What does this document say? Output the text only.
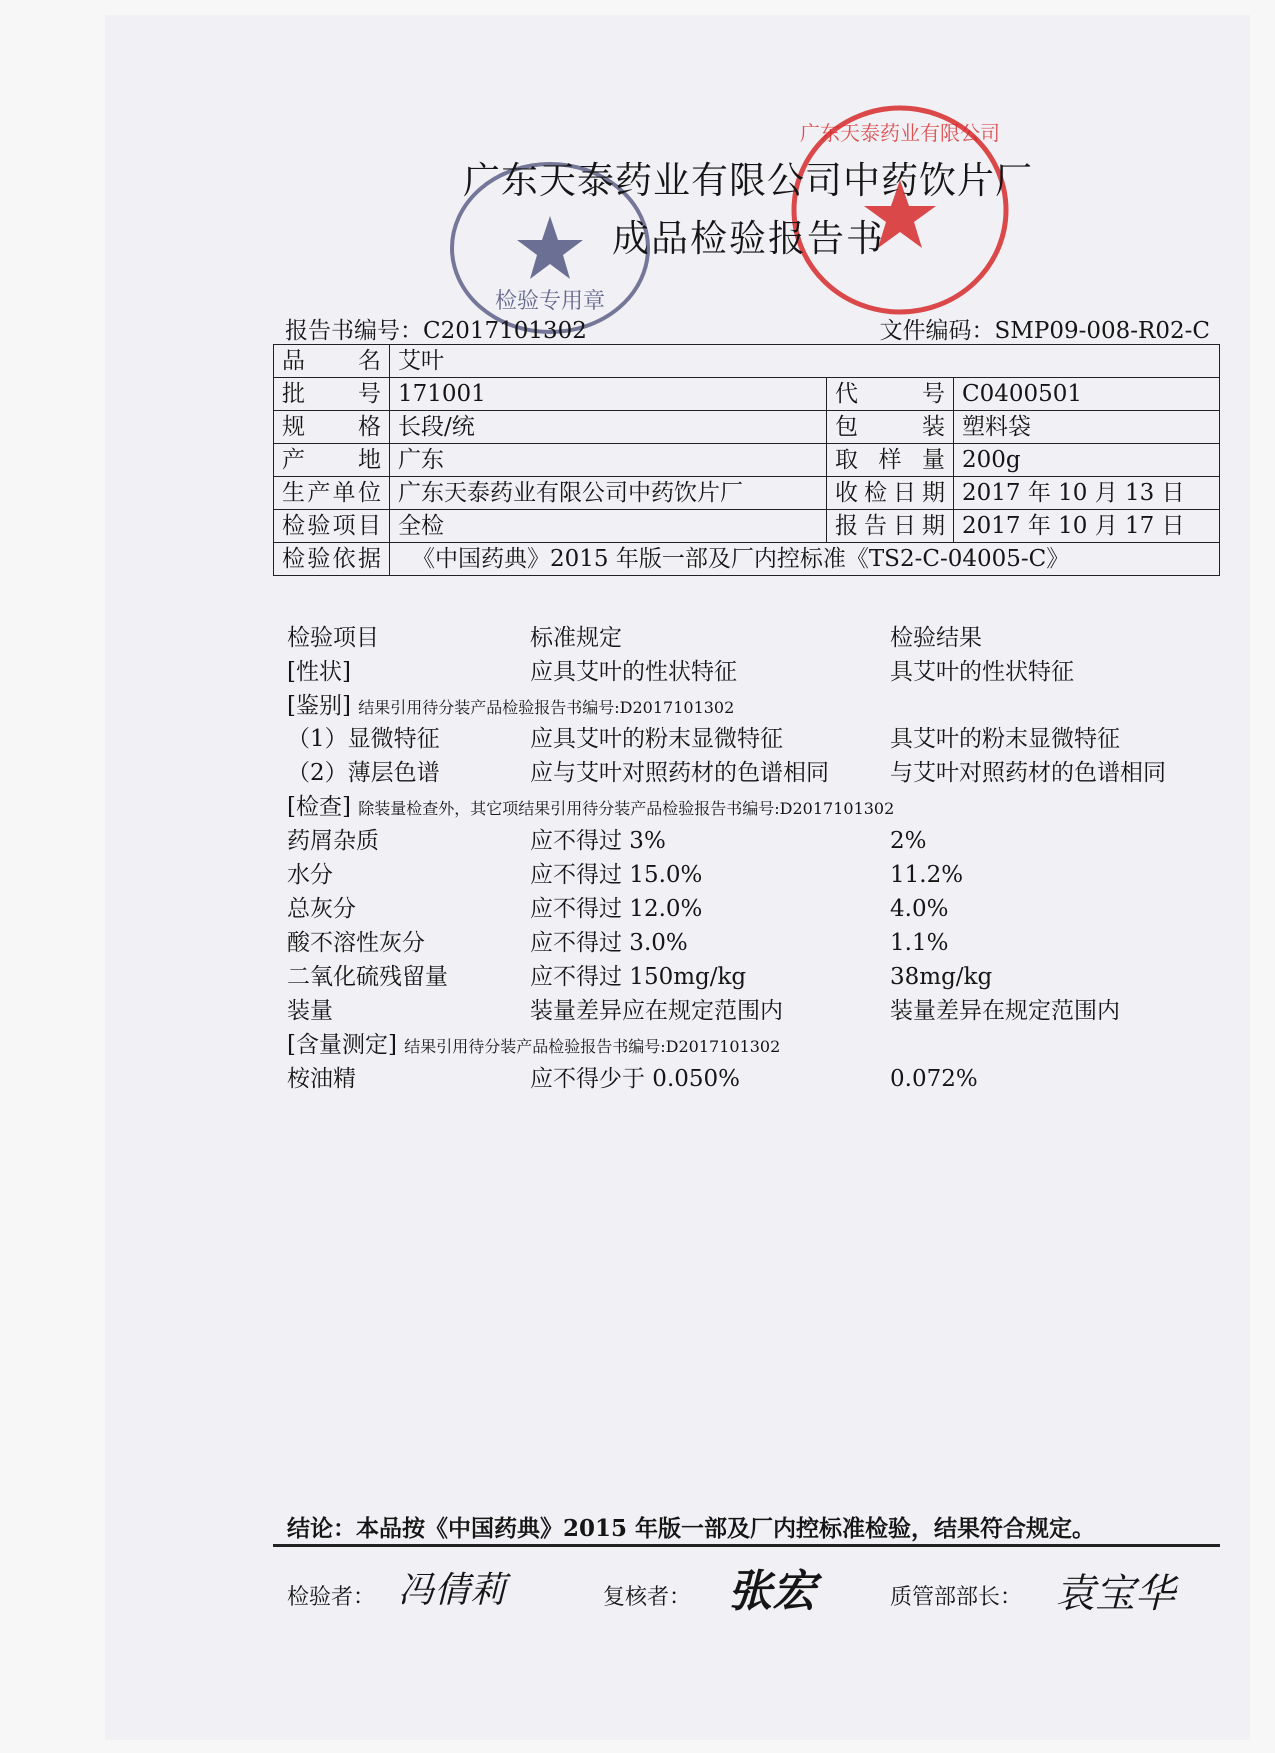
检验专用章
广东天泰药业有限公司
广东天泰药业有限公司中药饮片厂
成品检验报告书
报告书编号：C2017101302	文件编码：SMP09-008-R02-C
品名	艾叶		
批号	171001	代号	C0400501
规格	长段/统	包装	塑料袋
产地	广东	取样量	200g
生产单位	广东天泰药业有限公司中药饮片厂	收检日期	2017 年 10 月 13 日
检验项目	全检	报告日期	2017 年 10 月 17 日
检验依据	《中国药典》2015 年版一部及厂内控标准《TS2-C-04005-C》		
检验项目	标准规定	检验结果
[性状]	应具艾叶的性状特征	具艾叶的性状特征
[鉴别] 结果引用待分装产品检验报告书编号:D2017101302
（1）显微特征	应具艾叶的粉末显微特征	具艾叶的粉末显微特征
（2）薄层色谱	应与艾叶对照药材的色谱相同	与艾叶对照药材的色谱相同
[检查] 除装量检查外，其它项结果引用待分装产品检验报告书编号:D2017101302
药屑杂质	应不得过 3%	2%
水分	应不得过 15.0%	11.2%
总灰分	应不得过 12.0%	4.0%
酸不溶性灰分	应不得过 3.0%	1.1%
二氧化硫残留量	应不得过 150mg/kg	38mg/kg
装量	装量差异应在规定范围内	装量差异在规定范围内
[含量测定] 结果引用待分装产品检验报告书编号:D2017101302
桉油精	应不得少于 0.050%	0.072%
结论：本品按《中国药典》2015 年版一部及厂内控标准检验，结果符合规定。
检验者： 冯倩莉	复核者： 张宏	质管部部长： 袁宝华
